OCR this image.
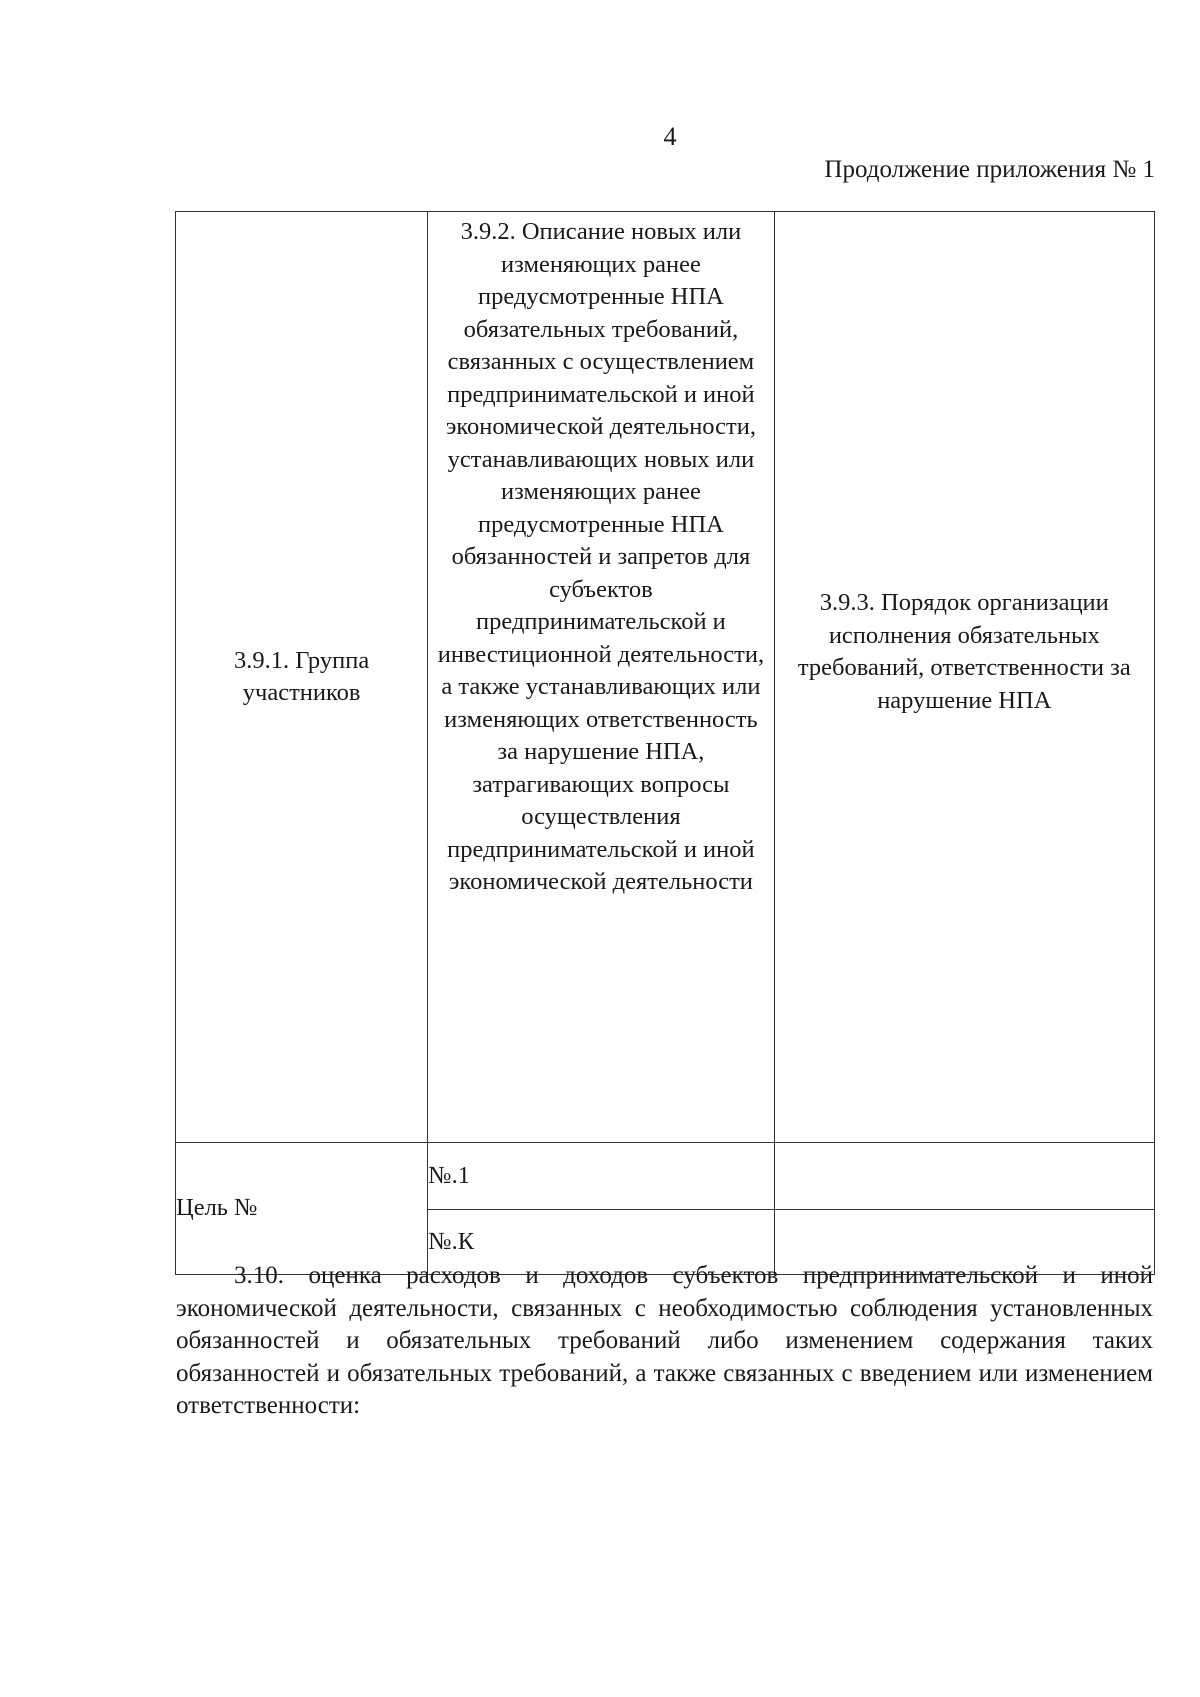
4
Продолжение приложения № 1
3.9.1. Группа участников	3.9.2. Описание новых или изменяющих ранее предусмотренные НПА обязательных требований, связанных с осуществлением предпринимательской и иной экономической деятельности, устанавливающих новых или изменяющих ранее предусмотренные НПА обязанностей и запретов для субъектов предпринимательской и инвестиционной деятельности, а также устанавливающих или изменяющих ответственность за нарушение НПА, затрагивающих вопросы осуществления предпринимательской и иной экономической деятельности	3.9.3. Порядок организации исполнения обязательных требований, ответственности за нарушение НПА
Цель №	№.1	
	№.К	

3.10. оценка расходов и доходов субъектов предпринимательской и иной экономической деятельности, связанных с необходимостью соблюдения установленных обязанностей и обязательных требований либо изменением содержания таких обязанностей и обязательных требований, а также связанных с введением или изменением ответственности:
